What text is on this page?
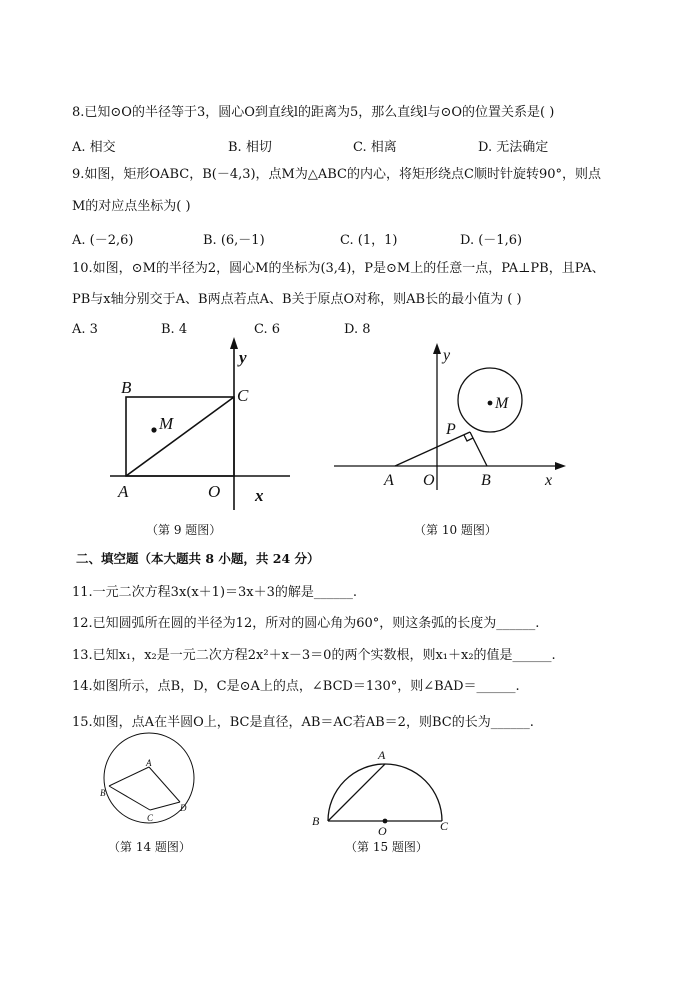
8.已知⊙O的半径等于3，圆心O到直线l的距离为5，那么直线l与⊙O的位置关系是( )
A. 相交	B. 相切	C. 相离	D. 无法确定
9.如图，矩形OABC，B(－4,3)，点M为△ABC的内心，将矩形绕点C顺时针旋转90°，则点
M的对应点坐标为( )
A. (－2,6)	B. (6,－1)	C. (1，1)	D. (－1,6)
10.如图，⊙M的半径为2，圆心M的坐标为(3,4)，P是⊙M上的任意一点，PA⊥PB，且PA、
PB与x轴分别交于A、B两点若点A、B关于原点O对称，则AB长的最小值为 ( )
A. 3	B. 4	C. 6	D. 8
B	C
M
A	O x
y
（第 9 题图）
y
M
P
A O	B	x
（第 10 题图）
二、填空题（本大题共 8 小题，共 24 分）
11.一元二次方程3x(x＋1)＝3x＋3的解是______.
12.已知圆弧所在圆的半径为12，所对的圆心角为60°，则这条弧的长度为______.
13.已知x₁，x₂是一元二次方程2x²＋x－3＝0的两个实数根，则x₁＋x₂的值是______.
14.如图所示，点B，D，C是⊙A上的点，∠BCD＝130°，则∠BAD＝______.
15.如图，点A在半圆O上，BC是直径，AB＝AC若AB＝2，则BC的长为______.
A
B
C
D
（第 14 题图）
A
B
O	C
（第 15 题图）
